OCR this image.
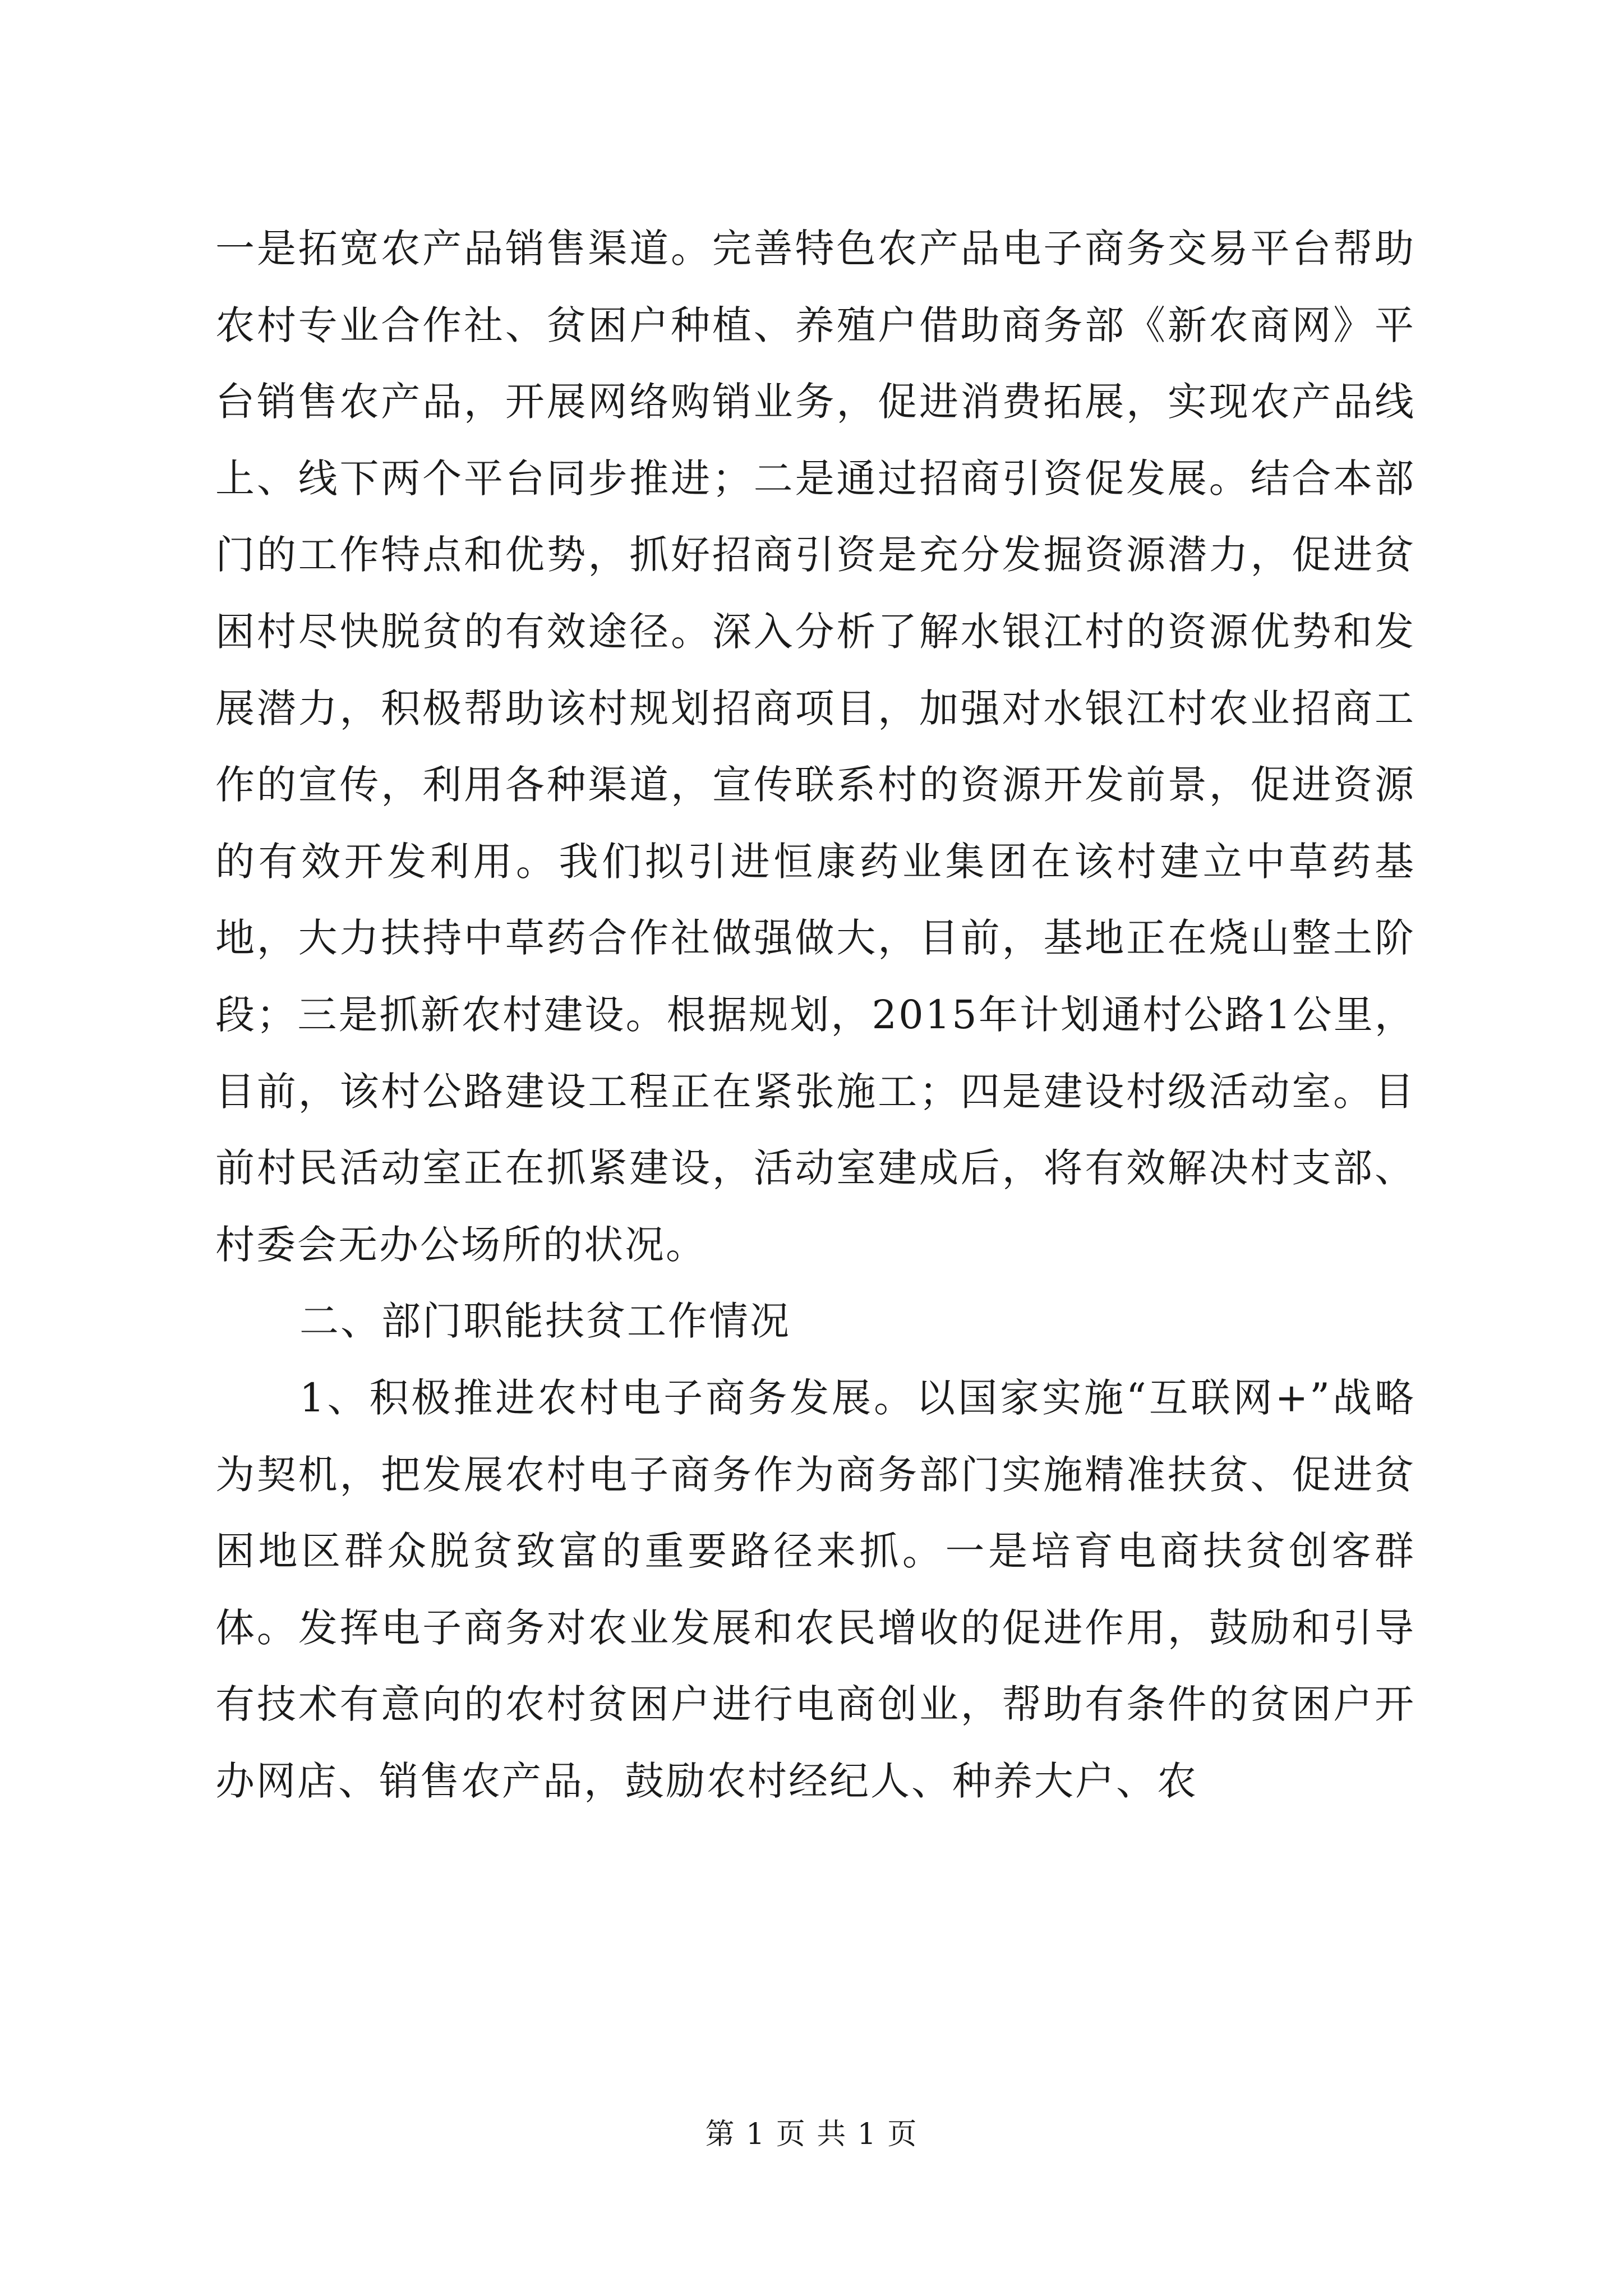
一是拓宽农产品销售渠道。完善特色农产品电子商务交易平台帮助农村专业合作社、贫困户种植、养殖户借助商务部《新农商网》平台销售农产品，开展网络购销业务，促进消费拓展，实现农产品线上、线下两个平台同步推进；二是通过招商引资促发展。结合本部门的工作特点和优势，抓好招商引资是充分发掘资源潜力，促进贫困村尽快脱贫的有效途径。深入分析了解水银江村的资源优势和发展潜力，积极帮助该村规划招商项目，加强对水银江村农业招商工作的宣传，利用各种渠道，宣传联系村的资源开发前景，促进资源的有效开发利用。我们拟引进恒康药业集团在该村建立中草药基地，大力扶持中草药合作社做强做大，目前，基地正在烧山整土阶段；三是抓新农村建设。根据规划，2015年计划通村公路1公里，目前，该村公路建设工程正在紧张施工；四是建设村级活动室。目前村民活动室正在抓紧建设，活动室建成后，将有效解决村支部、村委会无办公场所的状况。

二、部门职能扶贫工作情况

1、积极推进农村电子商务发展。以国家实施“互联网+”战略为契机，把发展农村电子商务作为商务部门实施精准扶贫、促进贫困地区群众脱贫致富的重要路径来抓。一是培育电商扶贫创客群体。发挥电子商务对农业发展和农民增收的促进作用，鼓励和引导有技术有意向的农村贫困户进行电商创业，帮助有条件的贫困户开办网店、销售农产品，鼓励农村经纪人、种养大户、农

第 1 页 共 1 页
